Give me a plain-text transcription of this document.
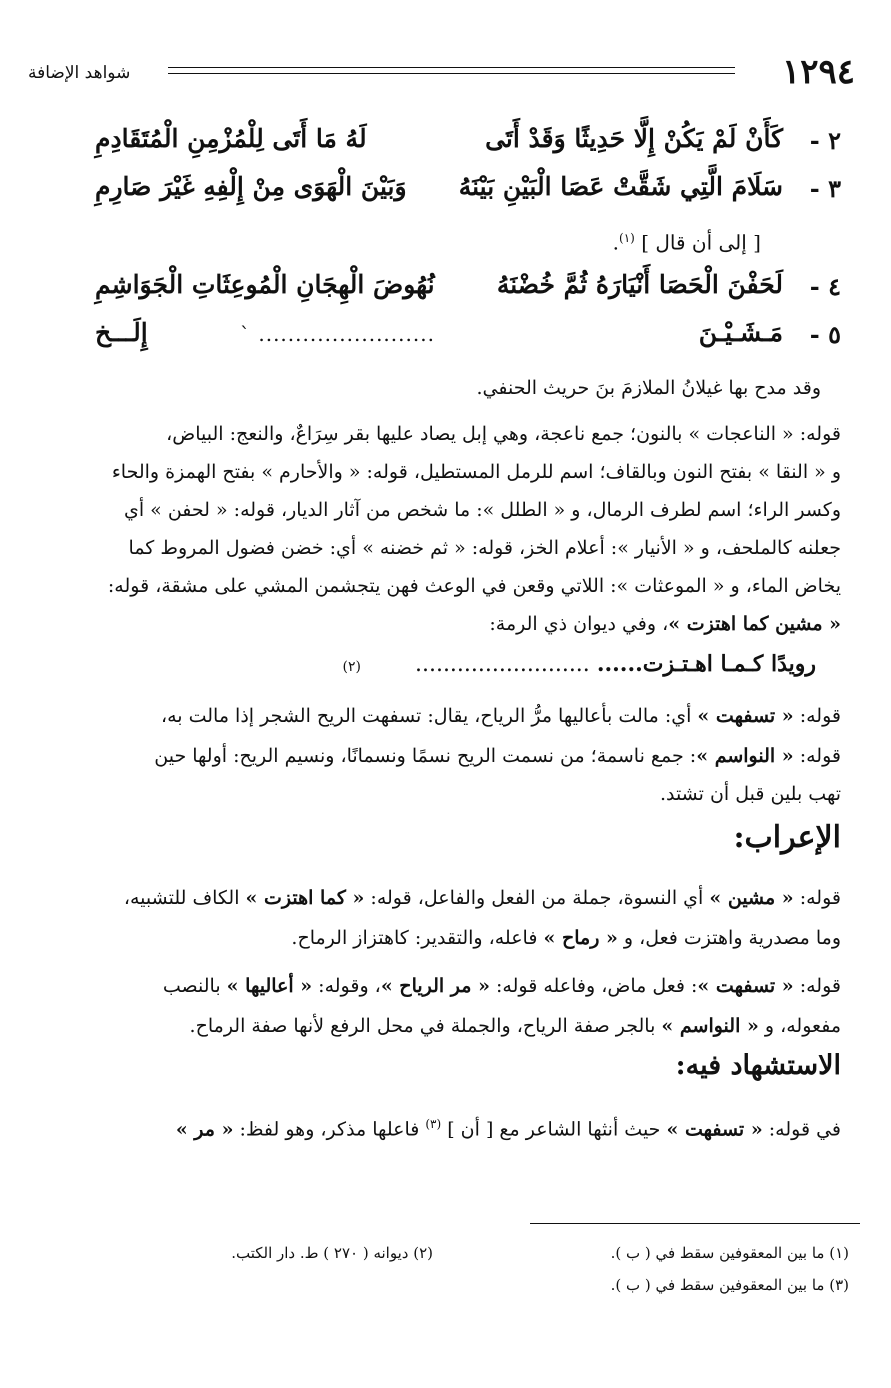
١٢٩٤
شواهد الإضافة
٢ -
كَأَنْ لَمْ يَكُنْ إِلَّا حَدِيثًا وَقَدْ أَتَى
لَهُ مَا أَتَى لِلْمُزْمِنِ الْمُتَقَادِمِ
٣ -
سَلَامَ الَّتِي شَقَّتْ عَصَا الْبَيْنِ بَيْنَهُ
وَبَيْنَ الْهَوَى مِنْ إِلْفِهِ غَيْرَ صَارِمِ
[ إلى أن قال ] $^{(١)}$.
٤ -
لَحَفْنَ الْحَصَا أَنْيَارَهُ ثُمَّ خُضْنَهُ
نُهُوضَ الْهِجَانِ الْمُوعِثَاتِ الْجَوَاشِمِ
٥ -
مَـشَـيْـنَ
........................ `
إِلَـــخ
وقد مدح بها غيلانُ الملازمَ بنَ حريث الحنفي.
قوله: « الناعجات » بالنون؛ جمع ناعجة، وهي إبل يصاد عليها بقر سِرَاعٌ، والنعج: البياض،
و « النقا » بفتح النون وبالقاف؛ اسم للرمل المستطيل، قوله: « والأحارم » بفتح الهمزة والحاء
وكسر الراء؛ اسم لطرف الرمال، و « الطلل »: ما شخص من آثار الديار، قوله: « لحفن » أي
جعلنه كالملحف، و « الأنيار »: أعلام الخز، قوله: « ثم خضنه » أي: خضن فضول المروط كما
يخاض الماء، و « الموعثات »: اللاتي وقعن في الوعث فهن يتجشمن المشي على مشقة، قوله:
« مشين كما اهتزت »، وفي ديوان ذي الرمة:
رويدًا كـمـا اهـتـزت...... .........................  (٢)
قوله: « تسفهت » أي: مالت بأعاليها مرُّ الرياح، يقال: تسفهت الريح الشجر إذا مالت به،
قوله: « النواسم »: جمع ناسمة؛ من نسمت الريح نسمًا ونسمانًا، ونسيم الريح: أولها حين
تهب بلين قبل أن تشتد.
الإعراب:
قوله: « مشين » أي النسوة، جملة من الفعل والفاعل، قوله: « كما اهتزت » الكاف للتشبيه،
وما مصدرية واهتزت فعل، و « رماح » فاعله، والتقدير: كاهتزاز الرماح.
قوله: « تسفهت »: فعل ماض، وفاعله قوله: « مر الرياح »، وقوله: « أعاليها » بالنصب
مفعوله، و « النواسم » بالجر صفة الرياح، والجملة في محل الرفع لأنها صفة الرماح.
الاستشهاد فيه:
في قوله: « تسفهت » حيث أنثها الشاعر مع [ أن ] $^{(٣)}$ فاعلها مذكر، وهو لفظ: « مر »
(١) ما بين المعقوفين سقط في ( ب ).
(٢) ديوانه ( ٢٧٠ ) ط. دار الكتب.
(٣) ما بين المعقوفين سقط في ( ب ).
